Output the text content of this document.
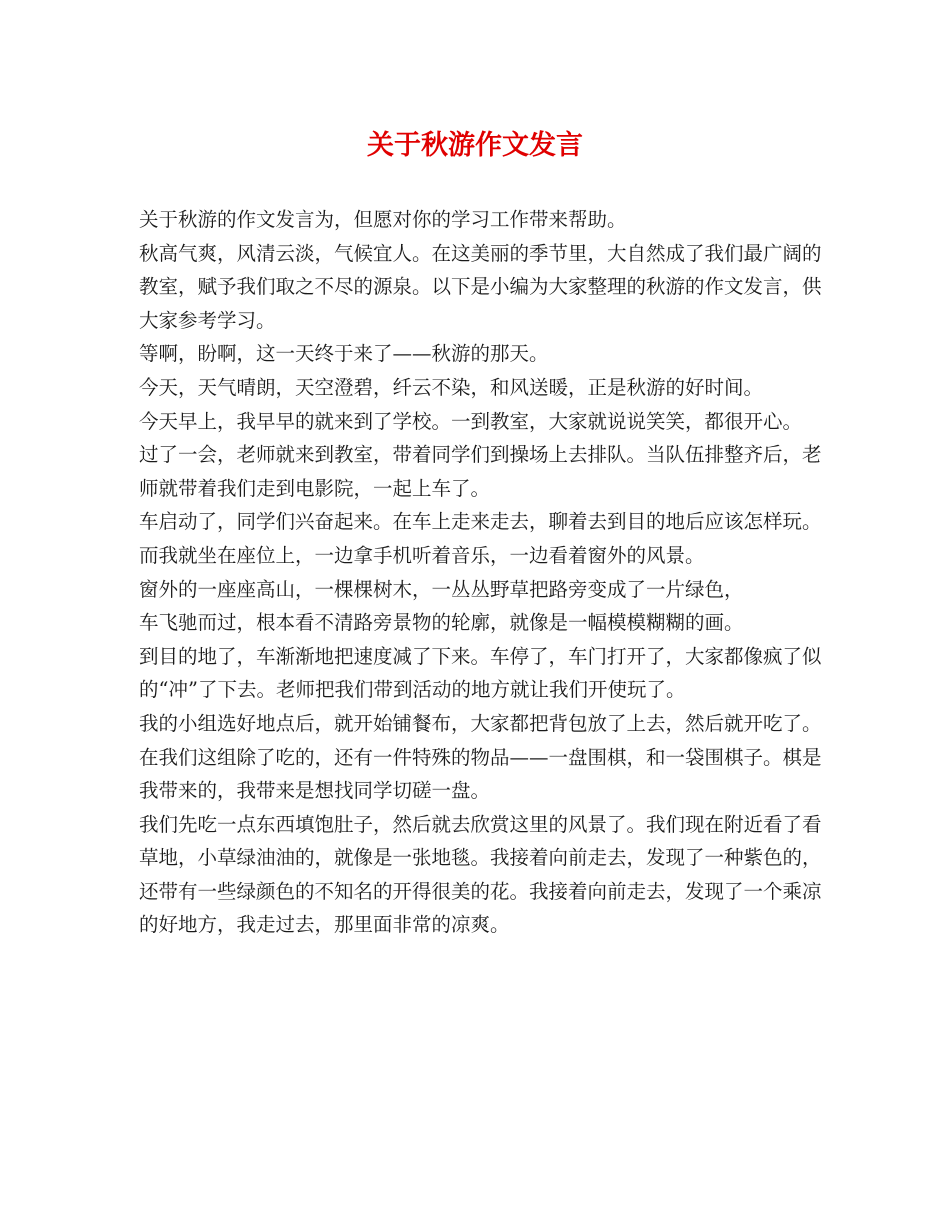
关于秋游作文发言

关于秋游的作文发言为，但愿对你的学习工作带来帮助。

秋高气爽，风清云淡，气候宜人。在这美丽的季节里，大自然成了我们最广阔的教室，赋予我们取之不尽的源泉。以下是小编为大家整理的秋游的作文发言，供大家参考学习。

等啊，盼啊，这一天终于来了——秋游的那天。

今天，天气晴朗，天空澄碧，纤云不染，和风送暖，正是秋游的好时间。

今天早上，我早早的就来到了学校。一到教室，大家就说说笑笑，都很开心。

过了一会，老师就来到教室，带着同学们到操场上去排队。当队伍排整齐后，老师就带着我们走到电影院，一起上车了。

车启动了，同学们兴奋起来。在车上走来走去，聊着去到目的地后应该怎样玩。而我就坐在座位上，一边拿手机听着音乐，一边看着窗外的风景。

窗外的一座座高山，一棵棵树木，一丛丛野草把路旁变成了一片绿色，

车飞驰而过，根本看不清路旁景物的轮廓，就像是一幅模模糊糊的画。

到目的地了，车渐渐地把速度减了下来。车停了，车门打开了，大家都像疯了似的“冲”了下去。老师把我们带到活动的地方就让我们开使玩了。

我的小组选好地点后，就开始铺餐布，大家都把背包放了上去，然后就开吃了。在我们这组除了吃的，还有一件特殊的物品——一盘围棋，和一袋围棋子。棋是我带来的，我带来是想找同学切磋一盘。

我们先吃一点东西填饱肚子，然后就去欣赏这里的风景了。我们现在附近看了看草地，小草绿油油的，就像是一张地毯。我接着向前走去，发现了一种紫色的，还带有一些绿颜色的不知名的开得很美的花。我接着向前走去，发现了一个乘凉的好地方，我走过去，那里面非常的凉爽。
